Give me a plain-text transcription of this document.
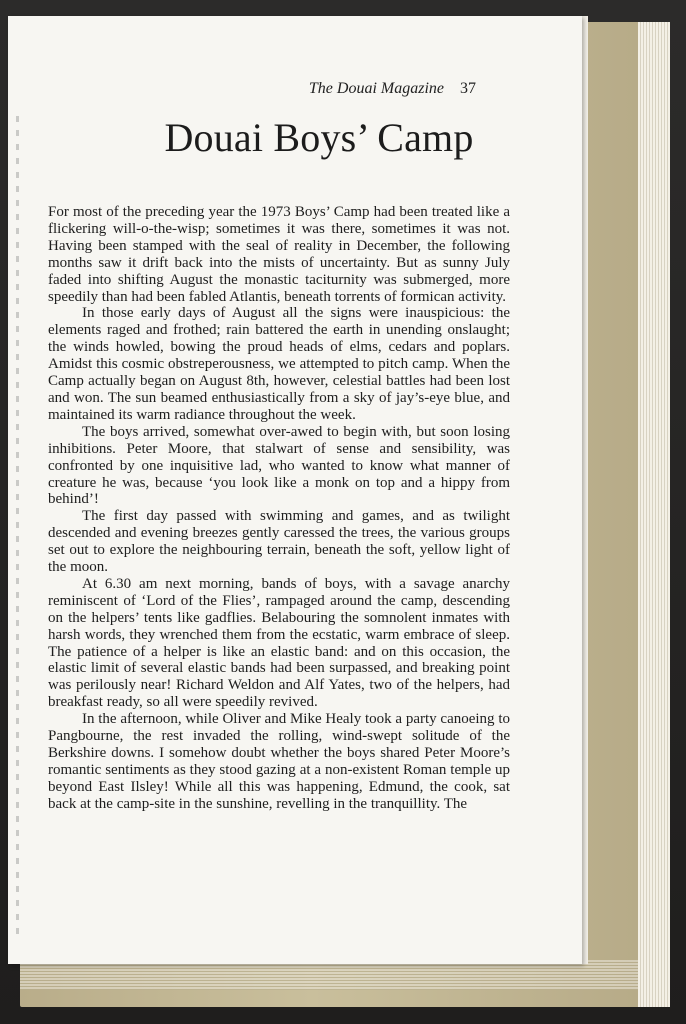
The Douai Magazine 37
Douai Boys’ Camp

For most of the preceding year the 1973 Boys’ Camp had been treated like a flickering will-o-the-wisp; sometimes it was there, sometimes it was not. Having been stamped with the seal of reality in December, the following months saw it drift back into the mists of uncertainty. But as sunny July faded into shifting August the monastic taciturnity was submerged, more speedily than had been fabled Atlantis, beneath torrents of formican activity.

In those early days of August all the signs were inauspicious: the elements raged and frothed; rain battered the earth in unending onslaught; the winds howled, bowing the proud heads of elms, cedars and poplars. Amidst this cosmic obstreperousness, we attempted to pitch camp. When the Camp actually began on August 8th, however, celestial battles had been lost and won. The sun beamed enthusiastically from a sky of jay’s-eye blue, and maintained its warm radiance throughout the week.

The boys arrived, somewhat over-awed to begin with, but soon losing inhibitions. Peter Moore, that stalwart of sense and sensibility, was confronted by one inquisitive lad, who wanted to know what manner of creature he was, because ‘you look like a monk on top and a hippy from behind’!

The first day passed with swimming and games, and as twilight descended and evening breezes gently caressed the trees, the various groups set out to explore the neighbouring terrain, beneath the soft, yellow light of the moon.

At 6.30 am next morning, bands of boys, with a savage anarchy reminiscent of ‘Lord of the Flies’, rampaged around the camp, descending on the helpers’ tents like gadflies. Belabouring the somnolent inmates with harsh words, they wrenched them from the ecstatic, warm embrace of sleep. The patience of a helper is like an elastic band: and on this occasion, the elastic limit of several elastic bands had been surpassed, and breaking point was perilously near! Richard Weldon and Alf Yates, two of the helpers, had breakfast ready, so all were speedily revived.

In the afternoon, while Oliver and Mike Healy took a party canoeing to Pangbourne, the rest invaded the rolling, wind-swept solitude of the Berkshire downs. I somehow doubt whether the boys shared Peter Moore’s romantic sentiments as they stood gazing at a non-existent Roman temple up beyond East Ilsley! While all this was happening, Edmund, the cook, sat back at the camp-site in the sunshine, revelling in the tranquillity. The
